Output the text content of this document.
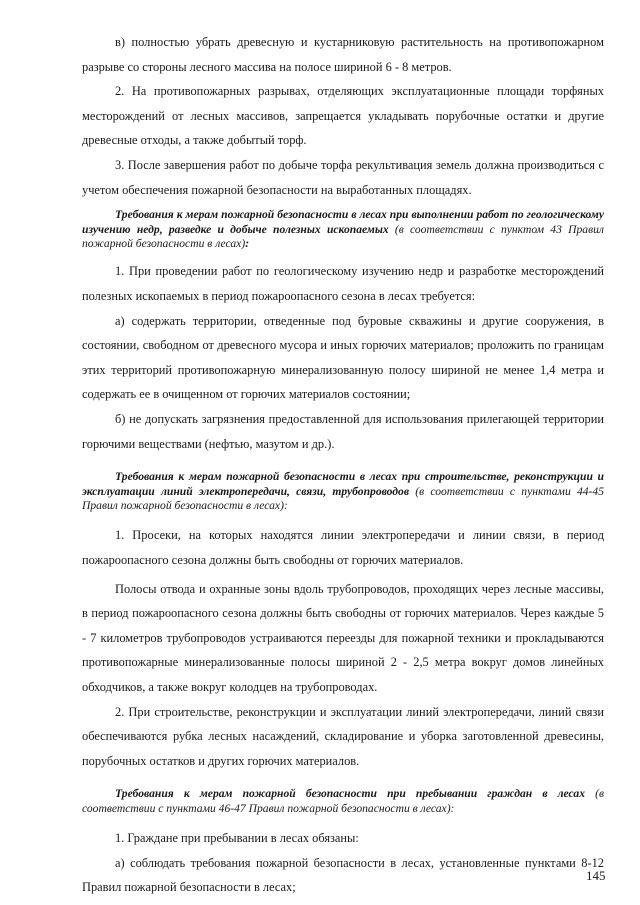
в) полностью убрать древесную и кустарниковую растительность на противопожарном разрыве со стороны лесного массива на полосе шириной 6 - 8 метров.

2. На противопожарных разрывах, отделяющих эксплуатационные площади торфяных месторождений от лесных массивов, запрещается укладывать порубочные остатки и другие древесные отходы, а также добытый торф.

3. После завершения работ по добыче торфа рекультивация земель должна производиться с учетом обеспечения пожарной безопасности на выработанных площадях.

Требования к мерам пожарной безопасности в лесах при выполнении работ по геологическому изучению недр, разведке и добыче полезных ископаемых (в соответствии с пунктом 43 Правил пожарной безопасности в лесах):

1. При проведении работ по геологическому изучению недр и разработке месторождений полезных ископаемых в период пожароопасного сезона в лесах требуется:

а) содержать территории, отведенные под буровые скважины и другие сооружения, в состоянии, свободном от древесного мусора и иных горючих материалов; проложить по границам этих территорий противопожарную минерализованную полосу шириной не менее 1,4 метра и содержать ее в очищенном от горючих материалов состоянии;

б) не допускать загрязнения предоставленной для использования прилегающей территории горючими веществами (нефтью, мазутом и др.).

Требования к мерам пожарной безопасности в лесах при строительстве, реконструкции и эксплуатации линий электропередачи, связи, трубопроводов (в соответствии с пунктами 44-45 Правил пожарной безопасности в лесах):

1. Просеки, на которых находятся линии электропередачи и линии связи, в период пожароопасного сезона должны быть свободны от горючих материалов.

Полосы отвода и охранные зоны вдоль трубопроводов, проходящих через лесные массивы, в период пожароопасного сезона должны быть свободны от горючих материалов. Через каждые 5 - 7 километров трубопроводов устраиваются переезды для пожарной техники и прокладываются противопожарные минерализованные полосы шириной 2 - 2,5 метра вокруг домов линейных обходчиков, а также вокруг колодцев на трубопроводах.

2. При строительстве, реконструкции и эксплуатации линий электропередачи, линий связи обеспечиваются рубка лесных насаждений, складирование и уборка заготовленной древесины, порубочных остатков и других горючих материалов.

Требования к мерам пожарной безопасности при пребывании граждан в лесах (в соответствии с пунктами 46-47 Правил пожарной безопасности в лесах):

1. Граждане при пребывании в лесах обязаны:

а) соблюдать требования пожарной безопасности в лесах, установленные пунктами 8-12 Правил пожарной безопасности в лесах;

145
